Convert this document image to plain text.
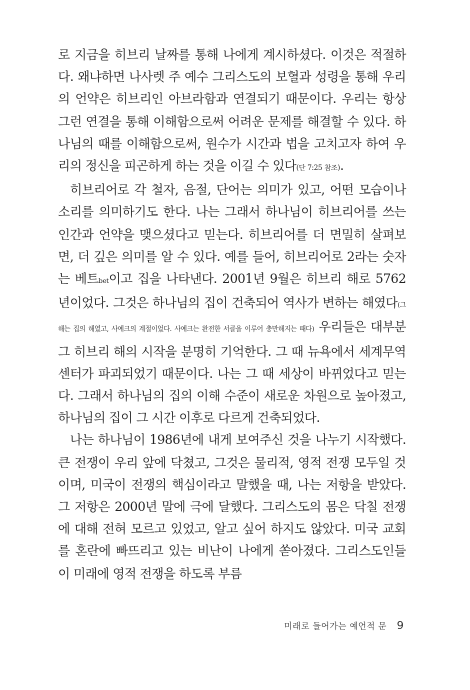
로 지금을 히브리 날짜를 통해 나에게 계시하셨다. 이것은 적절하다. 왜냐하면 나사렛 주 예수 그리스도의 보혈과 성령을 통해 우리의 언약은 히브리인 아브라함과 연결되기 때문이다. 우리는 항상 그런 연결을 통해 이해함으로써 어려운 문제를 해결할 수 있다. 하나님의 때를 이해함으로써, 원수가 시간과 법을 고치고자 하여 우리의 정신을 피곤하게 하는 것을 이길 수 있다(단 7:25 참조).

히브리어로 각 철자, 음절, 단어는 의미가 있고, 어떤 모습이나 소리를 의미하기도 한다. 나는 그래서 하나님이 히브리어를 쓰는 인간과 언약을 맺으셨다고 믿는다. 히브리어를 더 면밀히 살펴보면, 더 깊은 의미를 알 수 있다. 예를 들어, 히브리어로 2라는 숫자는 베트bet이고 집을 나타낸다. 2001년 9월은 히브리 해로 5762년이었다. 그것은 하나님의 집이 건축되어 역사가 변하는 해였다(그 해는 집의 해였고, 사예크의 계절이었다. 사예크는 완전한 서클을 이루어 충만해지는 때다) 우리들은 대부분 그 히브리 해의 시작을 분명히 기억한다. 그 때 뉴욕에서 세계무역센터가 파괴되었기 때문이다. 나는 그 때 세상이 바뀌었다고 믿는다. 그래서 하나님의 집의 이해 수준이 새로운 차원으로 높아졌고, 하나님의 집이 그 시간 이후로 다르게 건축되었다.

나는 하나님이 1986년에 내게 보여주신 것을 나누기 시작했다. 큰 전쟁이 우리 앞에 닥쳤고, 그것은 물리적, 영적 전쟁 모두일 것이며, 미국이 전쟁의 핵심이라고 말했을 때, 나는 저항을 받았다. 그 저항은 2000년 말에 극에 달했다. 그리스도의 몸은 닥칠 전쟁에 대해 전혀 모르고 있었고, 알고 싶어 하지도 않았다. 미국 교회를 혼란에 빠뜨리고 있는 비난이 나에게 쏟아졌다. 그리스도인들이 미래에 영적 전쟁을 하도록 부름

미래로 들어가는 예언적 문 9
